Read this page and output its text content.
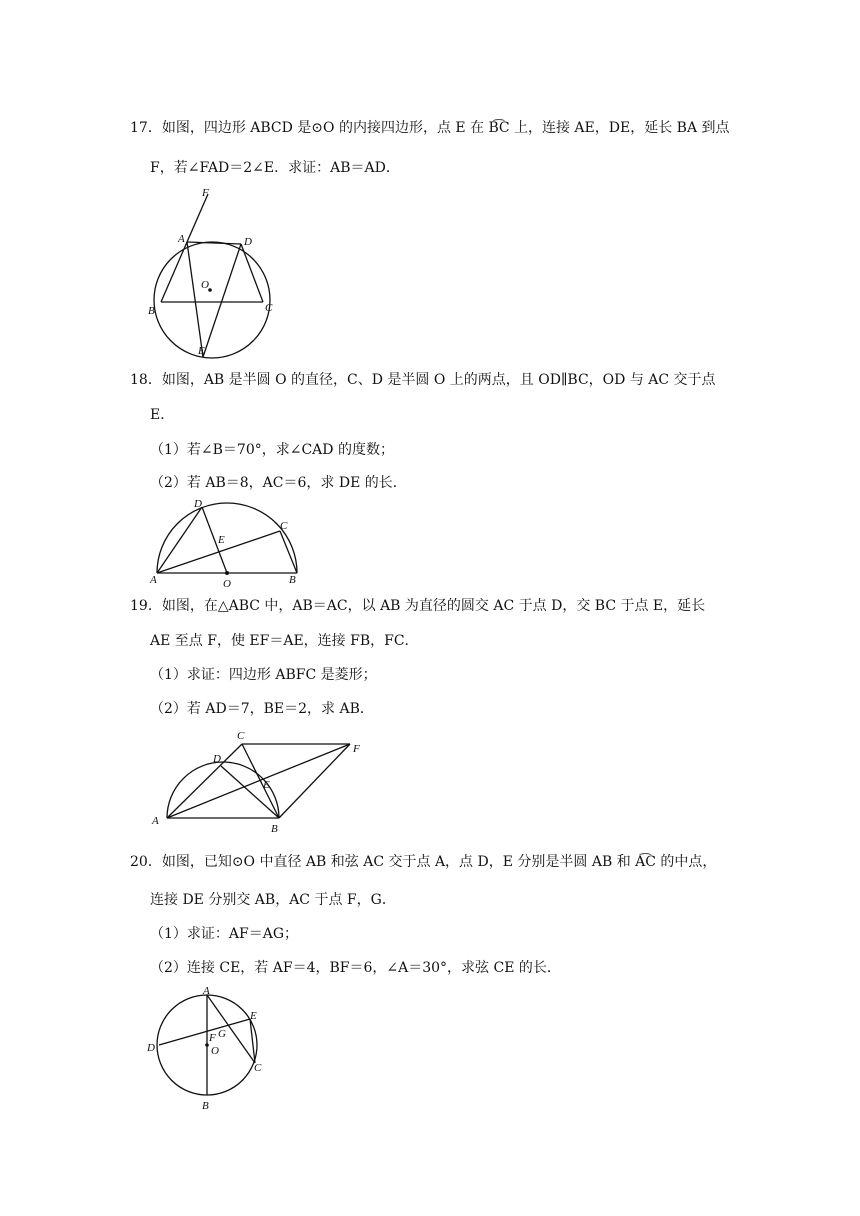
17．如图，四边形 ABCD 是⊙O 的内接四边形，点 E 在 B͡C 上，连接 AE，DE，延长 BA 到点
F，若∠FAD＝2∠E．求证：AB＝AD．
F
A	D
O
B	C
E
18．如图，AB 是半圆 O 的直径，C、D 是半圆 O 上的两点，且 OD∥BC，OD 与 AC 交于点
E．
（1）若∠B＝70°，求∠CAD 的度数；
（2）若 AB＝8，AC＝6，求 DE 的长．
D
C
E
A	O	B
19．如图，在△ABC 中，AB＝AC，以 AB 为直径的圆交 AC 于点 D，交 BC 于点 E，延长
AE 至点 F，使 EF＝AE，连接 FB，FC．
（1）求证：四边形 ABFC 是菱形；
（2）若 AD＝7，BE＝2，求 AB．
C
F
D
E
A
B
20．如图，已知⊙O 中直径 AB 和弦 AC 交于点 A，点 D，E 分别是半圆 AB 和 A͡C 的中点，
连接 DE 分别交 AB，AC 于点 F，G．
（1）求证：AF＝AG；
（2）连接 CE，若 AF＝4，BF＝6，∠A＝30°，求弦 CE 的长．
A
E
F G
D	O
C
B
